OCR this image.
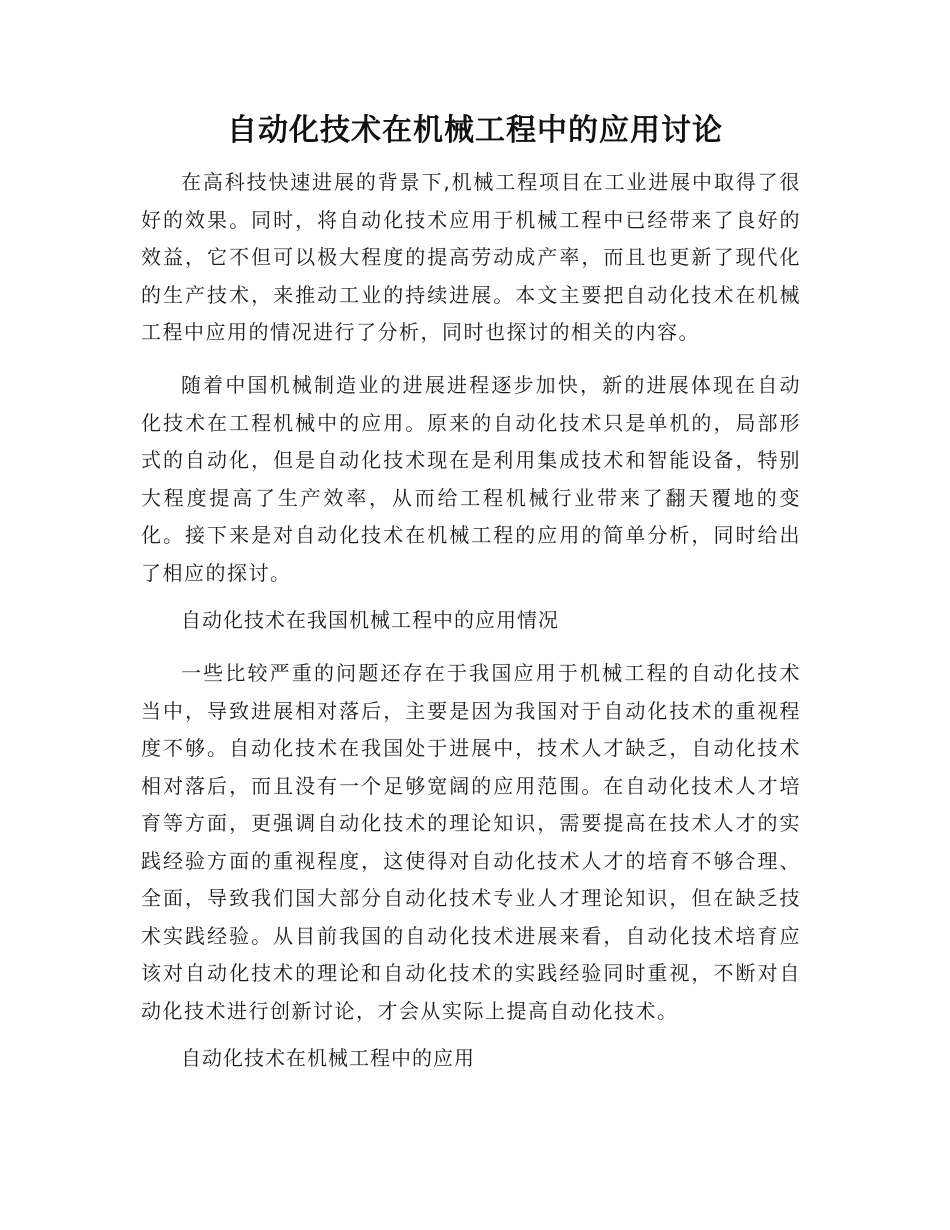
自动化技术在机械工程中的应用讨论

在高科技快速进展的背景下,机械工程项目在工业进展中取得了很好的效果。同时，将自动化技术应用于机械工程中已经带来了良好的效益，它不但可以极大程度的提高劳动成产率，而且也更新了现代化的生产技术，来推动工业的持续进展。本文主要把自动化技术在机械工程中应用的情况进行了分析，同时也探讨的相关的内容。

随着中国机械制造业的进展进程逐步加快，新的进展体现在自动化技术在工程机械中的应用。原来的自动化技术只是单机的，局部形式的自动化，但是自动化技术现在是利用集成技术和智能设备，特别大程度提高了生产效率，从而给工程机械行业带来了翻天覆地的变化。接下来是对自动化技术在机械工程的应用的简单分析，同时给出了相应的探讨。

自动化技术在我国机械工程中的应用情况

一些比较严重的问题还存在于我国应用于机械工程的自动化技术当中，导致进展相对落后，主要是因为我国对于自动化技术的重视程度不够。自动化技术在我国处于进展中，技术人才缺乏，自动化技术相对落后，而且没有一个足够宽阔的应用范围。在自动化技术人才培育等方面，更强调自动化技术的理论知识，需要提高在技术人才的实践经验方面的重视程度，这使得对自动化技术人才的培育不够合理、全面，导致我们国大部分自动化技术专业人才理论知识，但在缺乏技术实践经验。从目前我国的自动化技术进展来看，自动化技术培育应该对自动化技术的理论和自动化技术的实践经验同时重视，不断对自动化技术进行创新讨论，才会从实际上提高自动化技术。

自动化技术在机械工程中的应用
